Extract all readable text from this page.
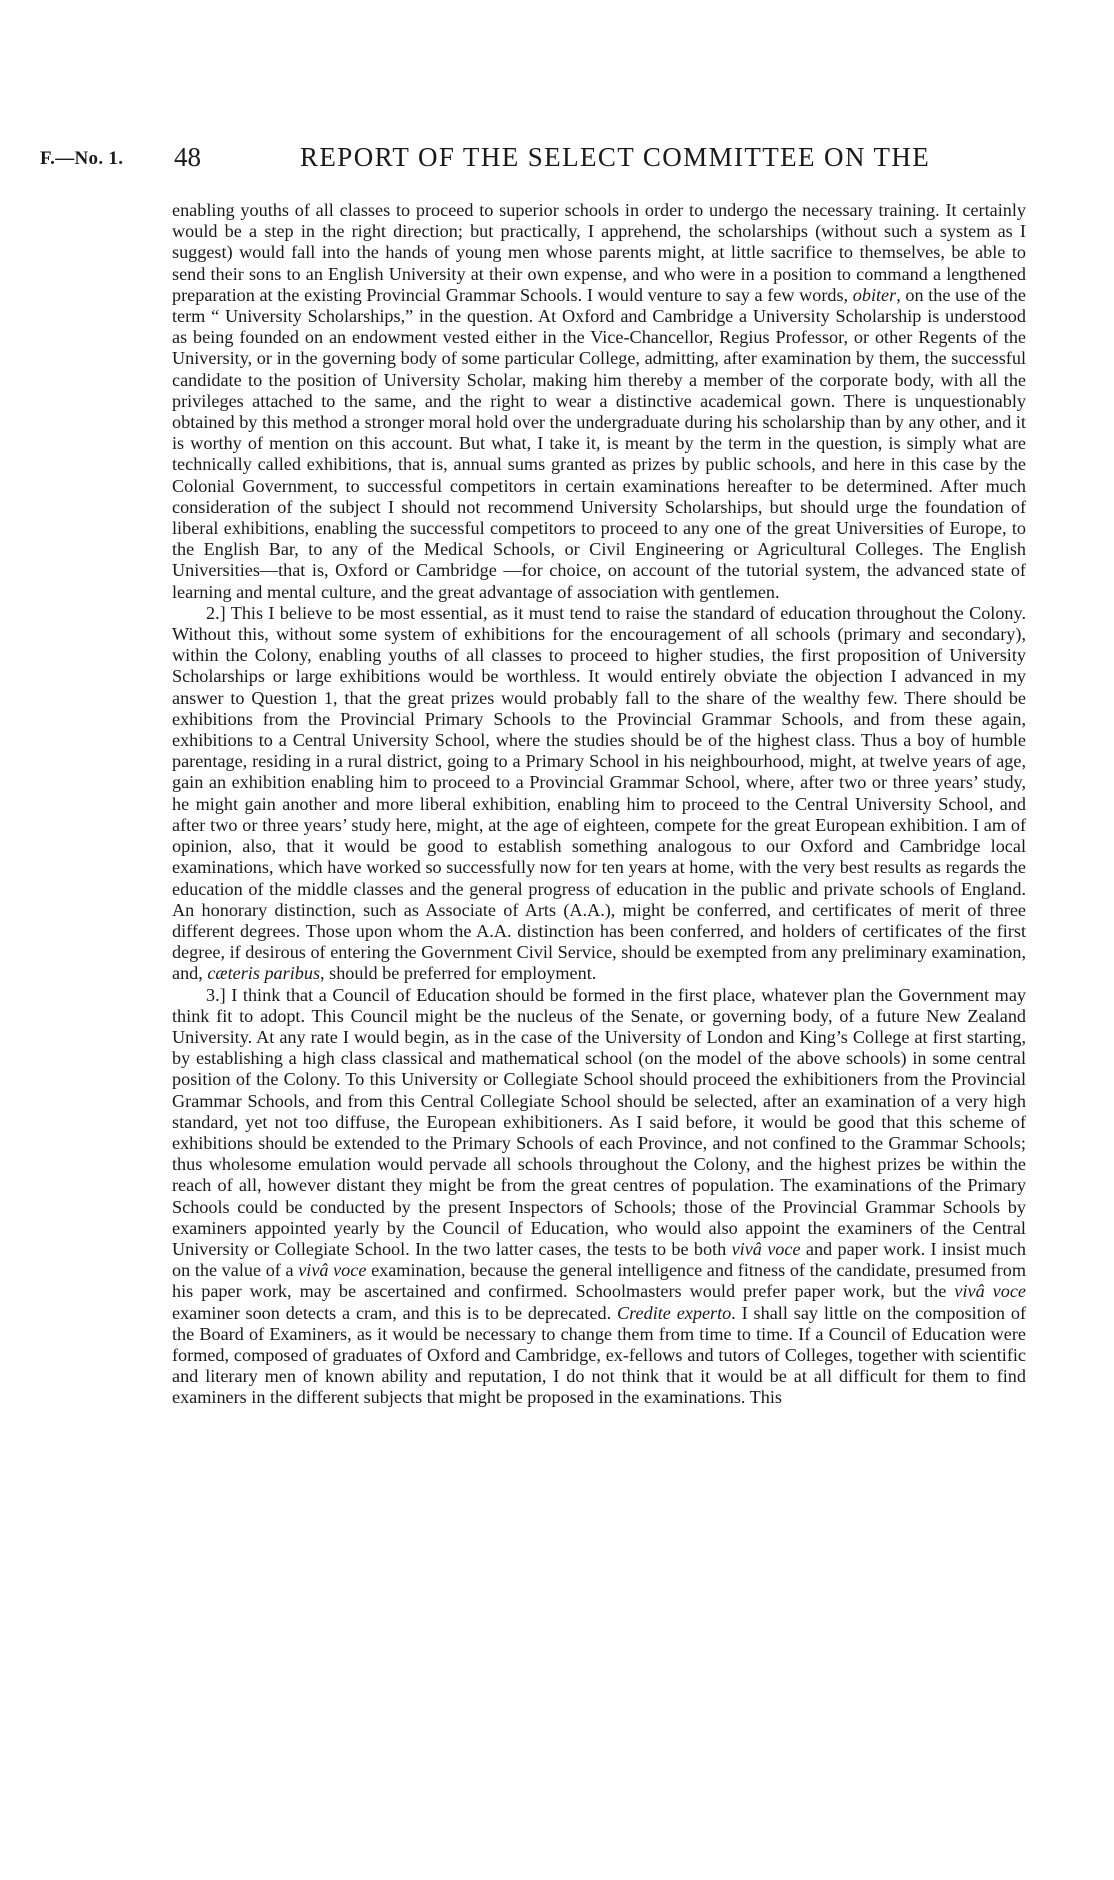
F.—No. 1. 48	REPORT OF THE SELECT COMMITTEE ON THE

enabling youths of all classes to proceed to superior schools in order to undergo the necessary training. It certainly would be a step in the right direction; but practically, I apprehend, the scholarships (without such a system as I suggest) would fall into the hands of young men whose parents might, at little sacrifice to themselves, be able to send their sons to an English University at their own expense, and who were in a position to command a lengthened preparation at the existing Provincial Grammar Schools. I would venture to say a few words, obiter, on the use of the term “ University Scholarships,” in the question. At Oxford and Cambridge a University Scholarship is understood as being founded on an endowment vested either in the Vice-Chancellor, Regius Professor, or other Regents of the University, or in the governing body of some particular College, admitting, after examination by them, the successful candidate to the position of University Scholar, making him thereby a member of the corporate body, with all the privileges attached to the same, and the right to wear a distinctive academical gown. There is unquestionably obtained by this method a stronger moral hold over the undergraduate during his scholarship than by any other, and it is worthy of mention on this account. But what, I take it, is meant by the term in the question, is simply what are technically called exhibitions, that is, annual sums granted as prizes by public schools, and here in this case by the Colonial Government, to successful competitors in certain examinations hereafter to be determined. After much consideration of the subject I should not recommend University Scholarships, but should urge the foundation of liberal exhibitions, enabling the successful competitors to proceed to any one of the great Universities of Europe, to the English Bar, to any of the Medical Schools, or Civil Engineering or Agricultural Colleges. The English Universities—that is, Oxford or Cambridge —for choice, on account of the tutorial system, the advanced state of learning and mental culture, and the great advantage of association with gentlemen.

2.] This I believe to be most essential, as it must tend to raise the standard of education throughout the Colony. Without this, without some system of exhibitions for the encouragement of all schools (primary and secondary), within the Colony, enabling youths of all classes to proceed to higher studies, the first proposition of University Scholarships or large exhibitions would be worthless. It would entirely obviate the objection I advanced in my answer to Question 1, that the great prizes would probably fall to the share of the wealthy few. There should be exhibitions from the Provincial Primary Schools to the Provincial Grammar Schools, and from these again, exhibitions to a Central University School, where the studies should be of the highest class. Thus a boy of humble parentage, residing in a rural district, going to a Primary School in his neighbourhood, might, at twelve years of age, gain an exhibition enabling him to proceed to a Provincial Grammar School, where, after two or three years’ study, he might gain another and more liberal exhibition, enabling him to proceed to the Central University School, and after two or three years’ study here, might, at the age of eighteen, compete for the great European exhibition. I am of opinion, also, that it would be good to establish something analogous to our Oxford and Cambridge local examinations, which have worked so successfully now for ten years at home, with the very best results as regards the education of the middle classes and the general progress of education in the public and private schools of England. An honorary distinction, such as Associate of Arts (A.A.), might be conferred, and certificates of merit of three different degrees. Those upon whom the A.A. distinction has been conferred, and holders of certificates of the first degree, if desirous of entering the Government Civil Service, should be exempted from any preliminary examination, and, cæteris paribus, should be preferred for employment.

3.] I think that a Council of Education should be formed in the first place, whatever plan the Government may think fit to adopt. This Council might be the nucleus of the Senate, or governing body, of a future New Zealand University. At any rate I would begin, as in the case of the University of London and King’s College at first starting, by establishing a high class classical and mathematical school (on the model of the above schools) in some central position of the Colony. To this University or Collegiate School should proceed the exhibitioners from the Provincial Grammar Schools, and from this Central Collegiate School should be selected, after an examination of a very high standard, yet not too diffuse, the European exhibitioners. As I said before, it would be good that this scheme of exhibitions should be extended to the Primary Schools of each Province, and not confined to the Grammar Schools; thus wholesome emulation would pervade all schools throughout the Colony, and the highest prizes be within the reach of all, however distant they might be from the great centres of population. The examinations of the Primary Schools could be conducted by the present Inspectors of Schools; those of the Provincial Grammar Schools by examiners appointed yearly by the Council of Education, who would also appoint the examiners of the Central University or Collegiate School. In the two latter cases, the tests to be both vivâ voce and paper work. I insist much on the value of a vivâ voce examination, because the general intelligence and fitness of the candidate, presumed from his paper work, may be ascertained and confirmed. Schoolmasters would prefer paper work, but the vivâ voce examiner soon detects a cram, and this is to be deprecated. Credite experto. I shall say little on the composition of the Board of Examiners, as it would be necessary to change them from time to time. If a Council of Education were formed, composed of graduates of Oxford and Cambridge, ex-fellows and tutors of Colleges, together with scientific and literary men of known ability and reputation, I do not think that it would be at all difficult for them to find examiners in the different subjects that might be proposed in the examinations. This
